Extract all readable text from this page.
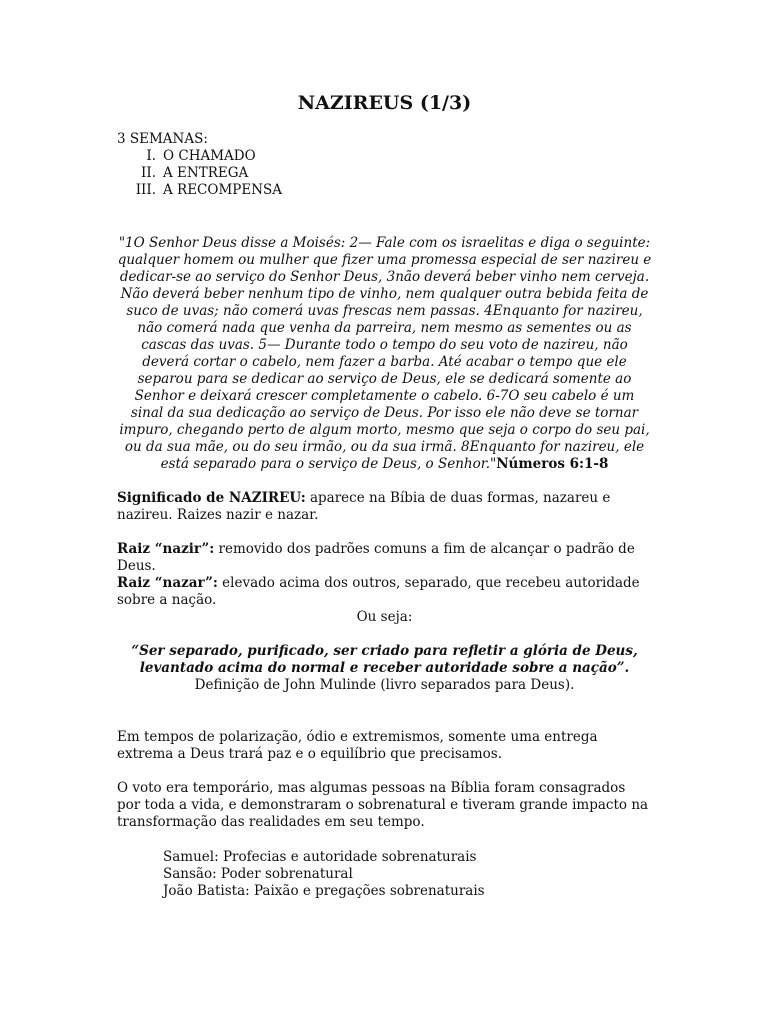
NAZIREUS (1/3)
3 SEMANAS:
I. O CHAMADO
II. A ENTREGA
III. A RECOMPENSA
"1O Senhor Deus disse a Moisés: 2— Fale com os israelitas e diga o seguinte: qualquer homem ou mulher que fizer uma promessa especial de ser nazireu e dedicar-se ao serviço do Senhor Deus, 3não deverá beber vinho nem cerveja. Não deverá beber nenhum tipo de vinho, nem qualquer outra bebida feita de suco de uvas; não comerá uvas frescas nem passas. 4Enquanto for nazireu, não comerá nada que venha da parreira, nem mesmo as sementes ou as cascas das uvas. 5— Durante todo o tempo do seu voto de nazireu, não deverá cortar o cabelo, nem fazer a barba. Até acabar o tempo que ele separou para se dedicar ao serviço de Deus, ele se dedicará somente ao Senhor e deixará crescer completamente o cabelo. 6-7O seu cabelo é um sinal da sua dedicação ao serviço de Deus. Por isso ele não deve se tornar impuro, chegando perto de algum morto, mesmo que seja o corpo do seu pai, ou da sua mãe, ou do seu irmão, ou da sua irmã. 8Enquanto for nazireu, ele está separado para o serviço de Deus, o Senhor."Números 6:1-8
Significado de NAZIREU: aparece na Bíbia de duas formas, nazareu e nazireu. Raizes nazir e nazar.
Raiz “nazir”: removido dos padrões comuns a fim de alcançar o padrão de Deus.
Raiz “nazar”: elevado acima dos outros, separado, que recebeu autoridade sobre a nação.
Ou seja:
“Ser separado, purificado, ser criado para refletir a glória de Deus, levantado acima do normal e receber autoridade sobre a nação”.
Definição de John Mulinde (livro separados para Deus).
Em tempos de polarização, ódio e extremismos, somente uma entrega extrema a Deus trará paz e o equilíbrio que precisamos.
O voto era temporário, mas algumas pessoas na Bíblia foram consagrados por toda a vida, e demonstraram o sobrenatural e tiveram grande impacto na transformação das realidades em seu tempo.
Samuel: Profecias e autoridade sobrenaturais
Sansão: Poder sobrenatural
João Batista: Paixão e pregações sobrenaturais
